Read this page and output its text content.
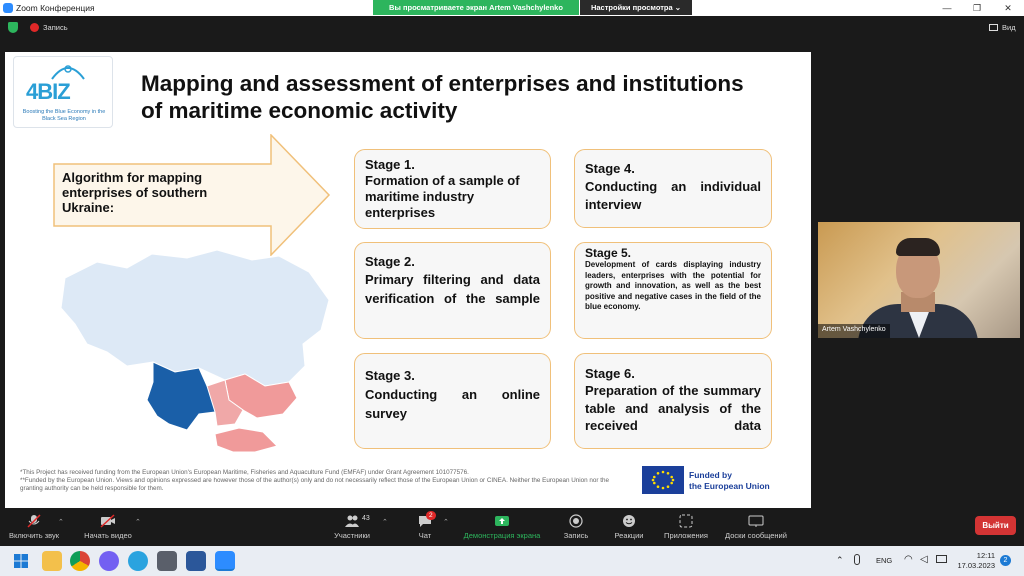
Zoom Конференция	—	❐	✕
Вы просматриваете экран Artem Vashchylenko	Настройки просмотра ⌄
Запись	Вид
4BIZ
Boosting the Blue Economy in the Black Sea Region
Mapping and assessment of enterprises and institutions of maritime economic activity
Algorithm for mapping enterprises of southern Ukraine:
Stage 1.
Formation of a sample of maritime industry enterprises
Stage 2.
Primary filtering and data verification of the sample
Stage 3.
Conducting an online survey
Stage 4.
Conducting an individual interview
Stage 5.
Development of cards displaying industry leaders, enterprises with the potential for growth and innovation, as well as the best positive and negative cases in the field of the blue economy.
Stage 6.
Preparation of the summary table and analysis of the received data
*This Project has received funding from the European Union's European Maritime, Fisheries and Aquaculture Fund (EMFAF) under Grant Agreement 101077576.
**Funded by the European Union. Views and opinions expressed are however those of the author(s) only and do not necessarily reflect those of the European Union or CINEA. Neither the European Union nor the granting authority can be held responsible for them.
Funded by
the European Union
Artem Vashchylenko
Включить звук
⌃
Начать видео
⌃
Участники
43
⌃
Чат
2
⌃
Демонстрация экрана	Запись	Реакции	Приложения	Доски сообщений
Выйти
⌃	ENG ◠ ◁	12:11
17.03.2023
2
